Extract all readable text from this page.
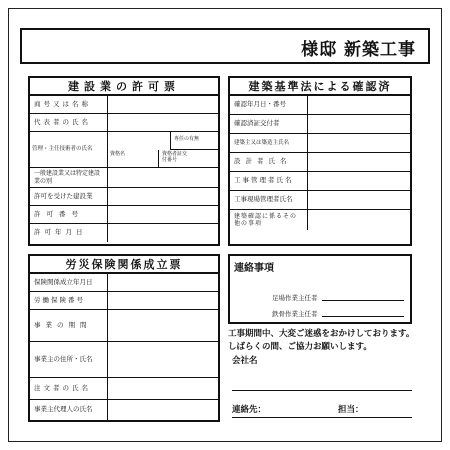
様邸 新築工事
建設業の許可票
商号又は名称
代表者の氏名
管理・主任技術者の氏名
専任の有無
資格名	資格者証交付番号
一般建設業又は特定建設業の別
許可を受けた建設業
許可番号
許可年月日
建築基準法による確認済
確認年月日・番号
確認済証交付者
建築主又は築造主氏名
設計者氏名
工事管理者氏名
工事現場管理者氏名
建築確認に係るその他の事項
労災保険関係成立票
保険関係成立年月日
労働保険番号
事業の期間
事業主の住所・氏名
注文者の氏名
事業主代理人の氏名
連絡事項
足場作業主任者
鉄骨作業主任者
工事期間中、大変ご迷惑をおかけしております。
しばらくの間、ご協力お願いします。
会社名
連絡先：	担当：
